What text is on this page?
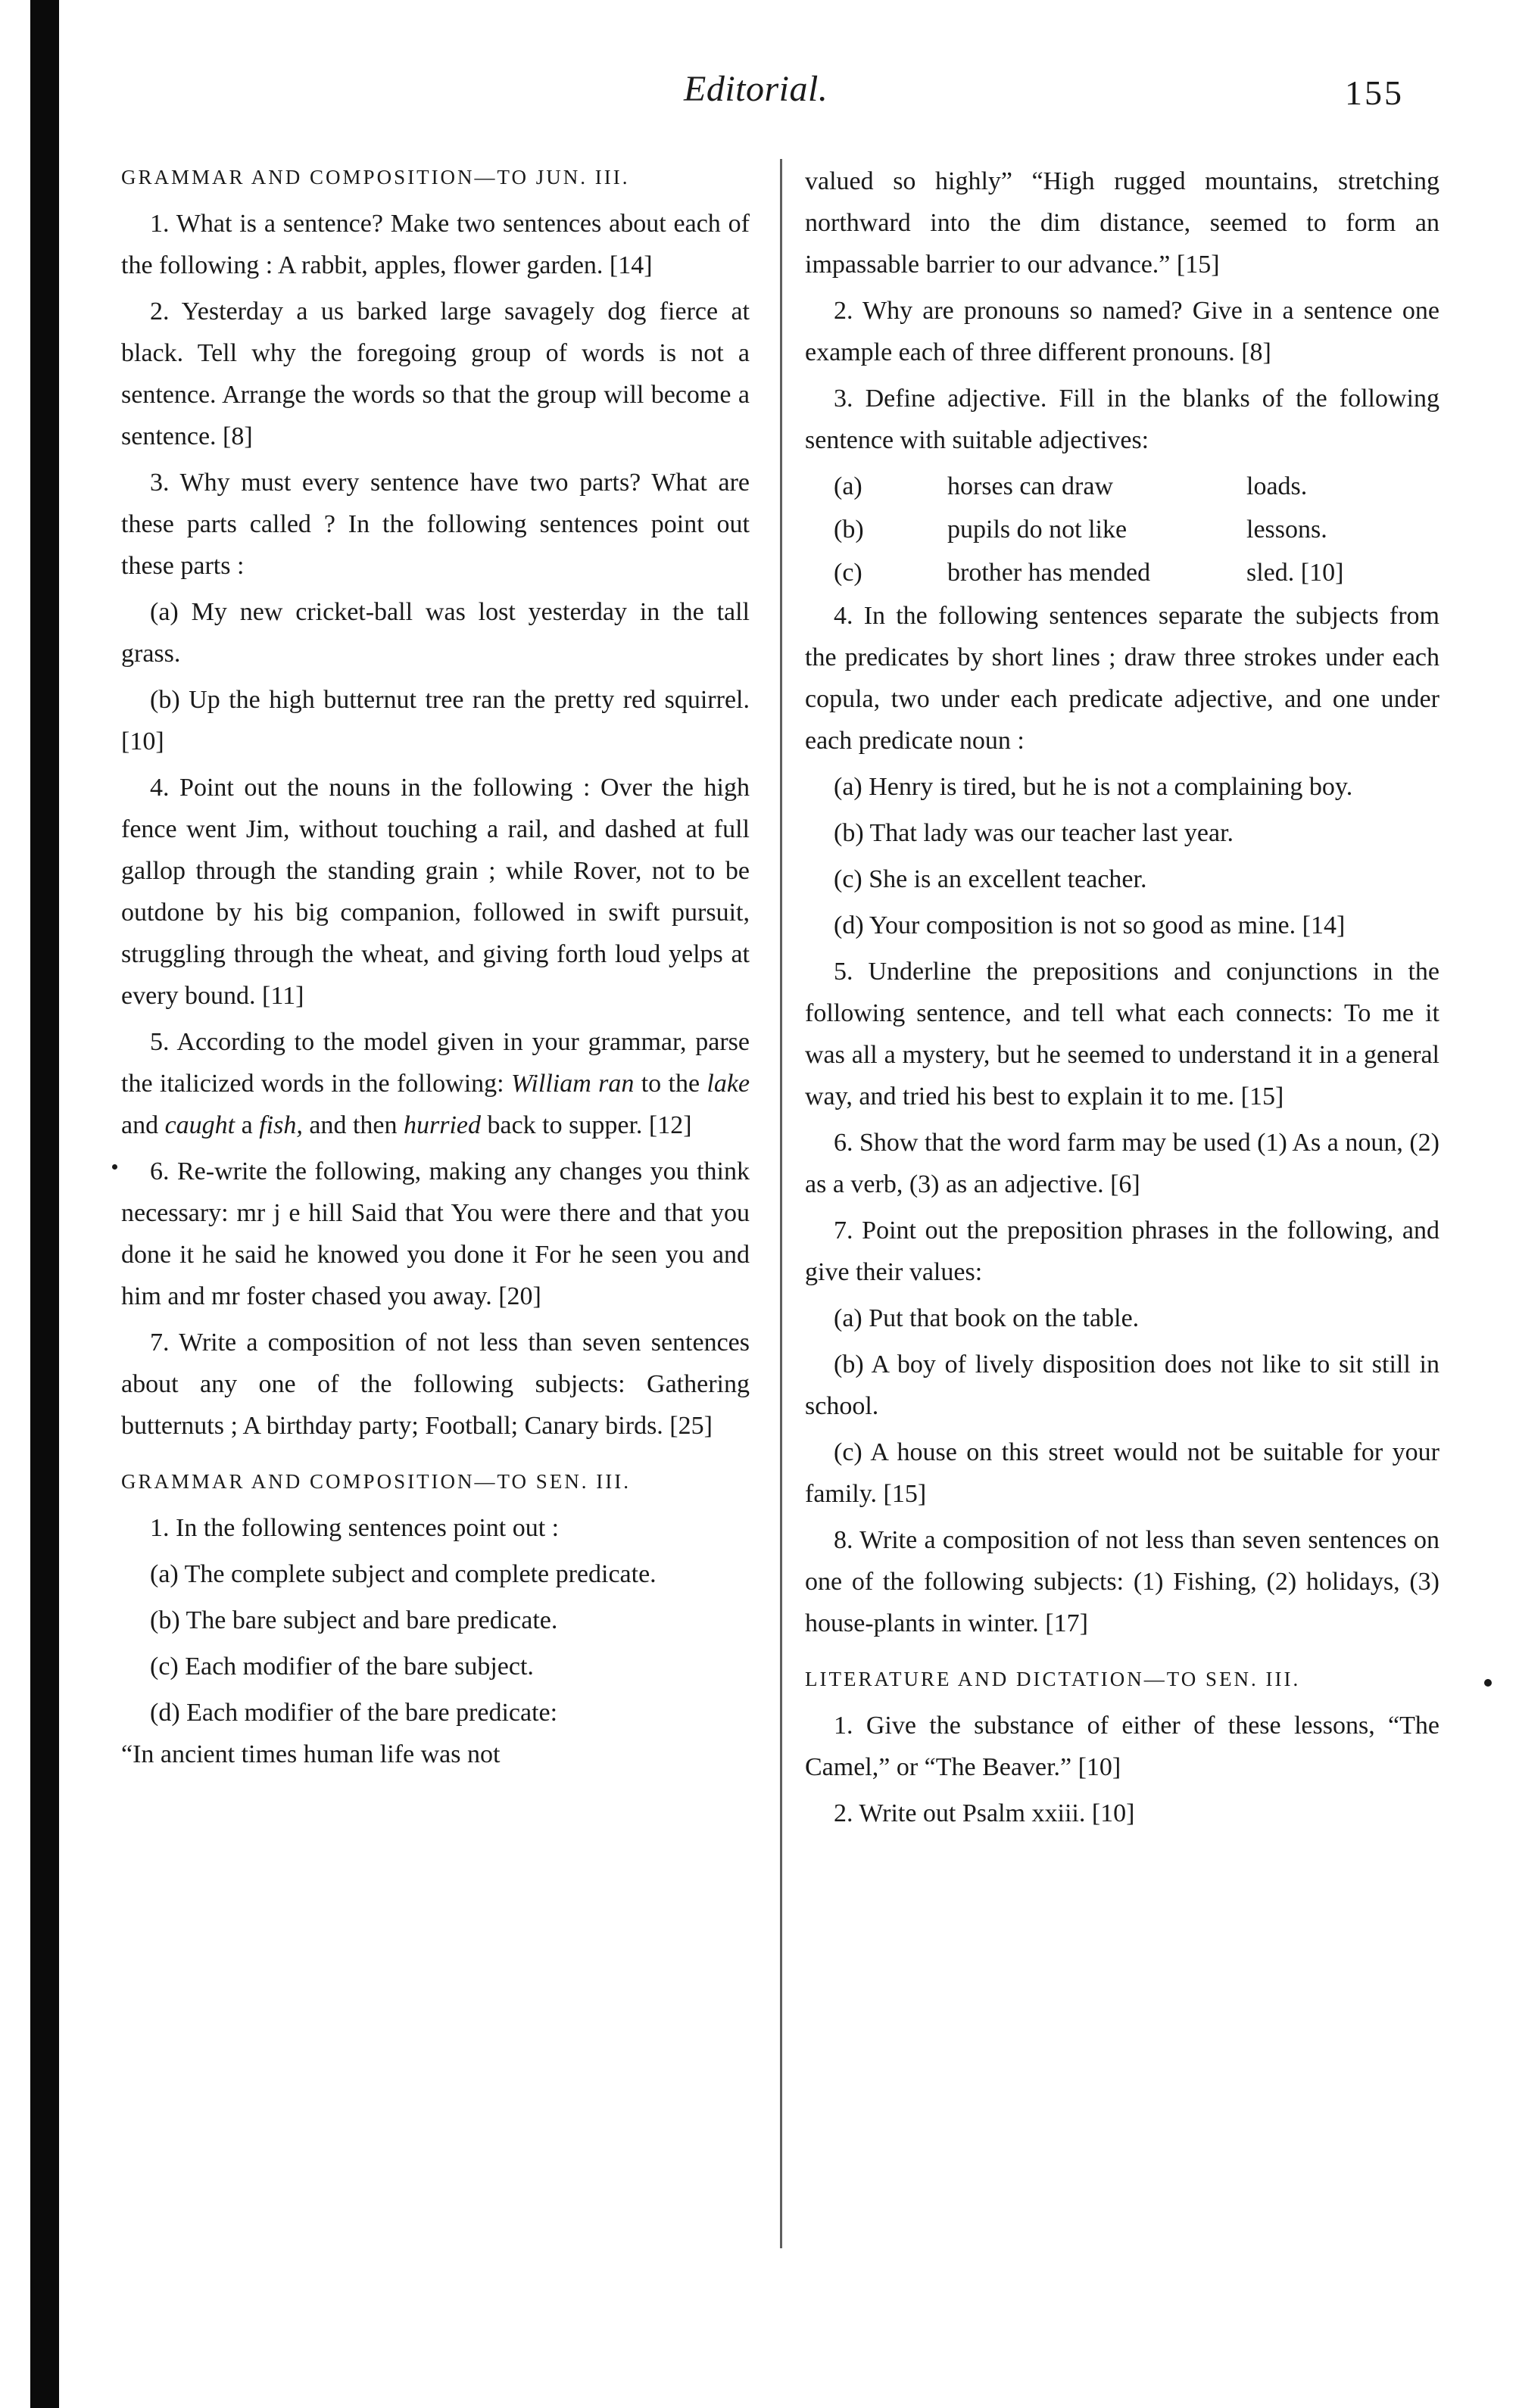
Editorial.	155
GRAMMAR AND COMPOSITION—TO JUN. III.

1. What is a sentence? Make two sentences about each of the following : A rabbit, apples, flower garden. [14]

2. Yesterday a us barked large savagely dog fierce at black. Tell why the foregoing group of words is not a sentence. Arrange the words so that the group will become a sentence. [8]

3. Why must every sentence have two parts? What are these parts called ? In the following sentences point out these parts :

(a) My new cricket-ball was lost yesterday in the tall grass.

(b) Up the high butternut tree ran the pretty red squirrel. [10]

4. Point out the nouns in the following : Over the high fence went Jim, without touching a rail, and dashed at full gallop through the standing grain ; while Rover, not to be outdone by his big companion, followed in swift pursuit, struggling through the wheat, and giving forth loud yelps at every bound. [11]

5. According to the model given in your grammar, parse the italicized words in the following: William ran to the lake and caught a fish, and then hurried back to supper. [12]

6. Re-write the following, making any changes you think necessary: mr j e hill Said that You were there and that you done it he said he knowed you done it For he seen you and him and mr foster chased you away. [20]

7. Write a composition of not less than seven sentences about any one of the following subjects: Gathering butternuts ; A birthday party; Football; Canary birds. [25]

GRAMMAR AND COMPOSITION—TO SEN. III.

1. In the following sentences point out :

(a) The complete subject and complete predicate.

(b) The bare subject and bare predicate.

(c) Each modifier of the bare subject.

(d) Each modifier of the bare predicate:

“In ancient times human life was not

valued so highly” “High rugged mountains, stretching northward into the dim distance, seemed to form an impassable barrier to our advance.” [15]

2. Why are pronouns so named? Give in a sentence one example each of three different pronouns. [8]

3. Define adjective. Fill in the blanks of the following sentence with suitable adjectives:

(a)	horses can draw	loads.
(b)	pupils do not like	lessons.
(c)	brother has mended	sled. [10]

4. In the following sentences separate the subjects from the predicates by short lines ; draw three strokes under each copula, two under each predicate adjective, and one under each predicate noun :

(a) Henry is tired, but he is not a complaining boy.

(b) That lady was our teacher last year.

(c) She is an excellent teacher.

(d) Your composition is not so good as mine. [14]

5. Underline the prepositions and conjunctions in the following sentence, and tell what each connects: To me it was all a mystery, but he seemed to understand it in a general way, and tried his best to explain it to me. [15]

6. Show that the word farm may be used (1) As a noun, (2) as a verb, (3) as an adjective. [6]

7. Point out the preposition phrases in the following, and give their values:

(a) Put that book on the table.

(b) A boy of lively disposition does not like to sit still in school.

(c) A house on this street would not be suitable for your family. [15]

8. Write a composition of not less than seven sentences on one of the following subjects: (1) Fishing, (2) holidays, (3) house-plants in winter. [17]

LITERATURE AND DICTATION—TO SEN. III.

1. Give the substance of either of these lessons, “The Camel,” or “The Beaver.” [10]

2. Write out Psalm xxiii. [10]
